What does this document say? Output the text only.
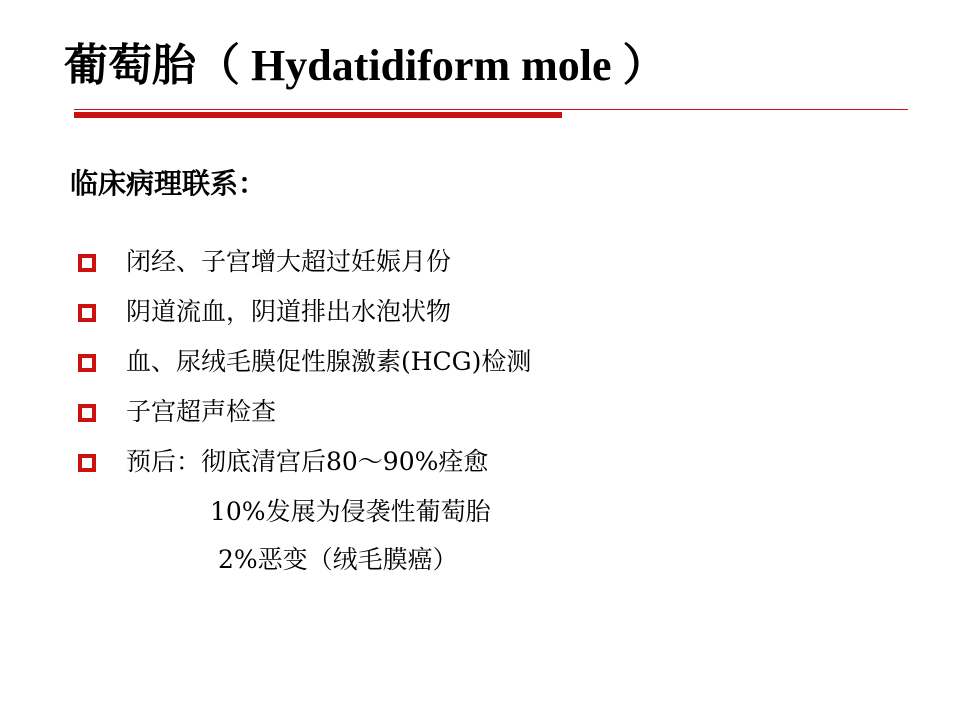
葡萄胎（ Hydatidiform mole ）
临床病理联系：
闭经、子宫增大超过妊娠月份
阴道流血，阴道排出水泡状物
血、尿绒毛膜促性腺激素(HCG)检测
子宫超声检查
预后：彻底清宫后80～90%痊愈
10%发展为侵袭性葡萄胎
2%恶变（绒毛膜癌）
